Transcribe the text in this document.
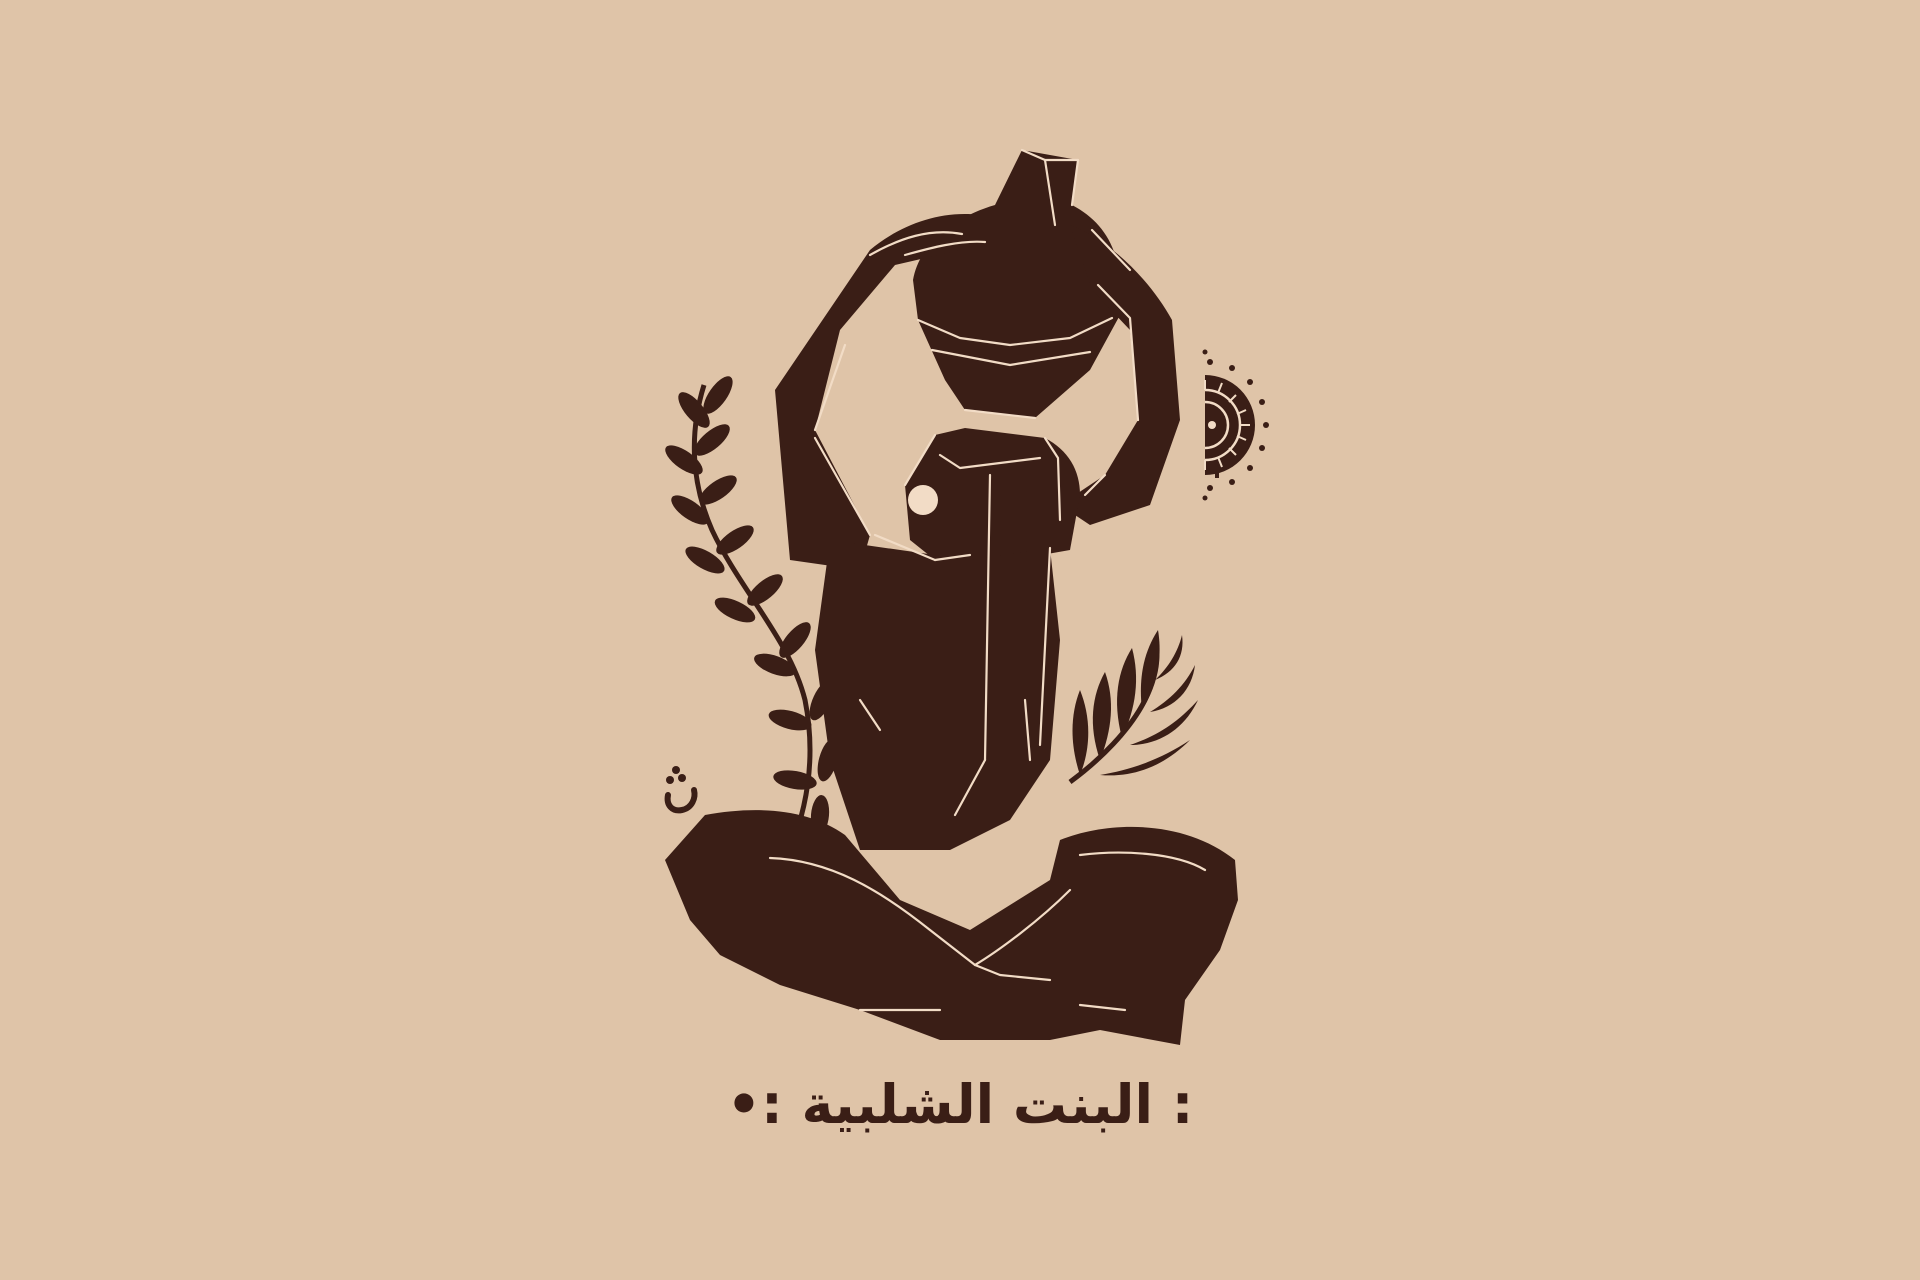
: البنت الشلبية :•
